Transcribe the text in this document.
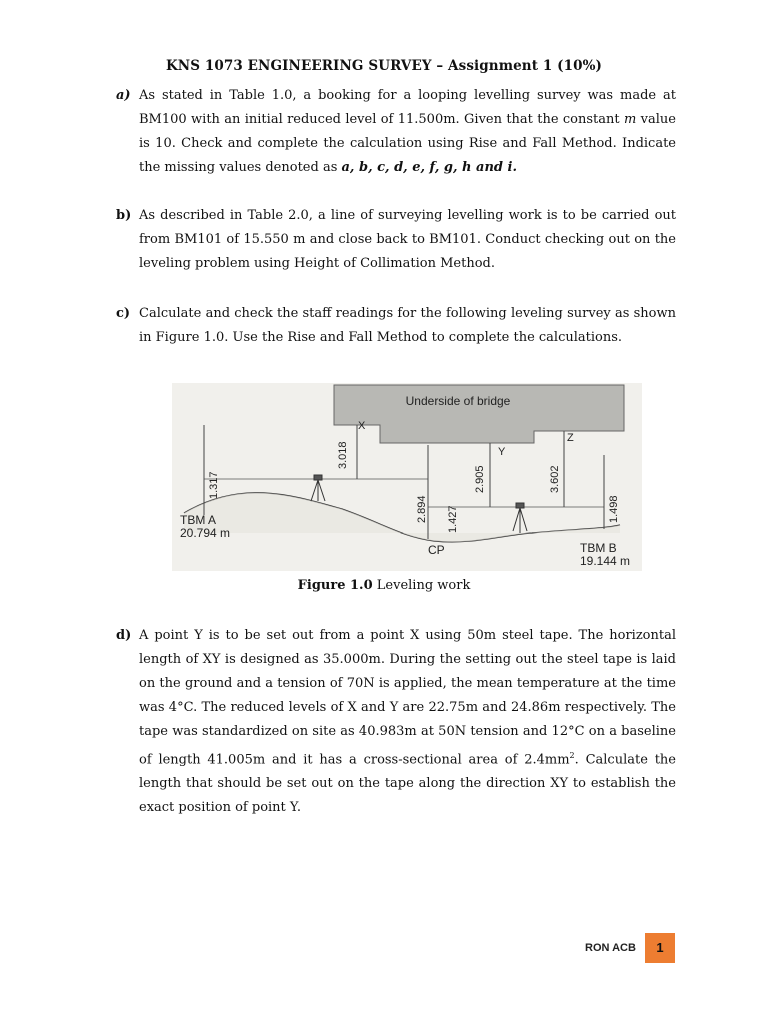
KNS 1073 ENGINEERING SURVEY – Assignment 1 (10%)
a) As stated in Table 1.0, a booking for a looping levelling survey was made at BM100 with an initial reduced level of 11.500m. Given that the constant m value is 10. Check and complete the calculation using Rise and Fall Method. Indicate the missing values denoted as a, b, c, d, e, f, g, h and i.
b) As described in Table 2.0, a line of surveying levelling work is to be carried out from BM101 of 15.550 m and close back to BM101. Conduct checking out on the leveling problem using Height of Collimation Method.
c) Calculate and check the staff readings for the following leveling survey as shown in Figure 1.0. Use the Rise and Fall Method to complete the calculations.
Underside of bridge
1.317
3.018
2.894 1.427
2.905	3.602
1.498
X
Y
Z
CP
TBM A
20.794 m
TBM B
19.144 m
Figure 1.0 Leveling work
d) A point Y is to be set out from a point X using 50m steel tape. The horizontal length of XY is designed as 35.000m. During the setting out the steel tape is laid on the ground and a tension of 70N is applied, the mean temperature at the time was 4°C. The reduced levels of X and Y are 22.75m and 24.86m respectively. The tape was standardized on site as 40.983m at 50N tension and 12°C on a baseline of length 41.005m and it has a cross-sectional area of $2.4mm^2$. Calculate the length that should be set out on the tape along the direction XY to establish the exact position of point Y.
RON ACB	1
